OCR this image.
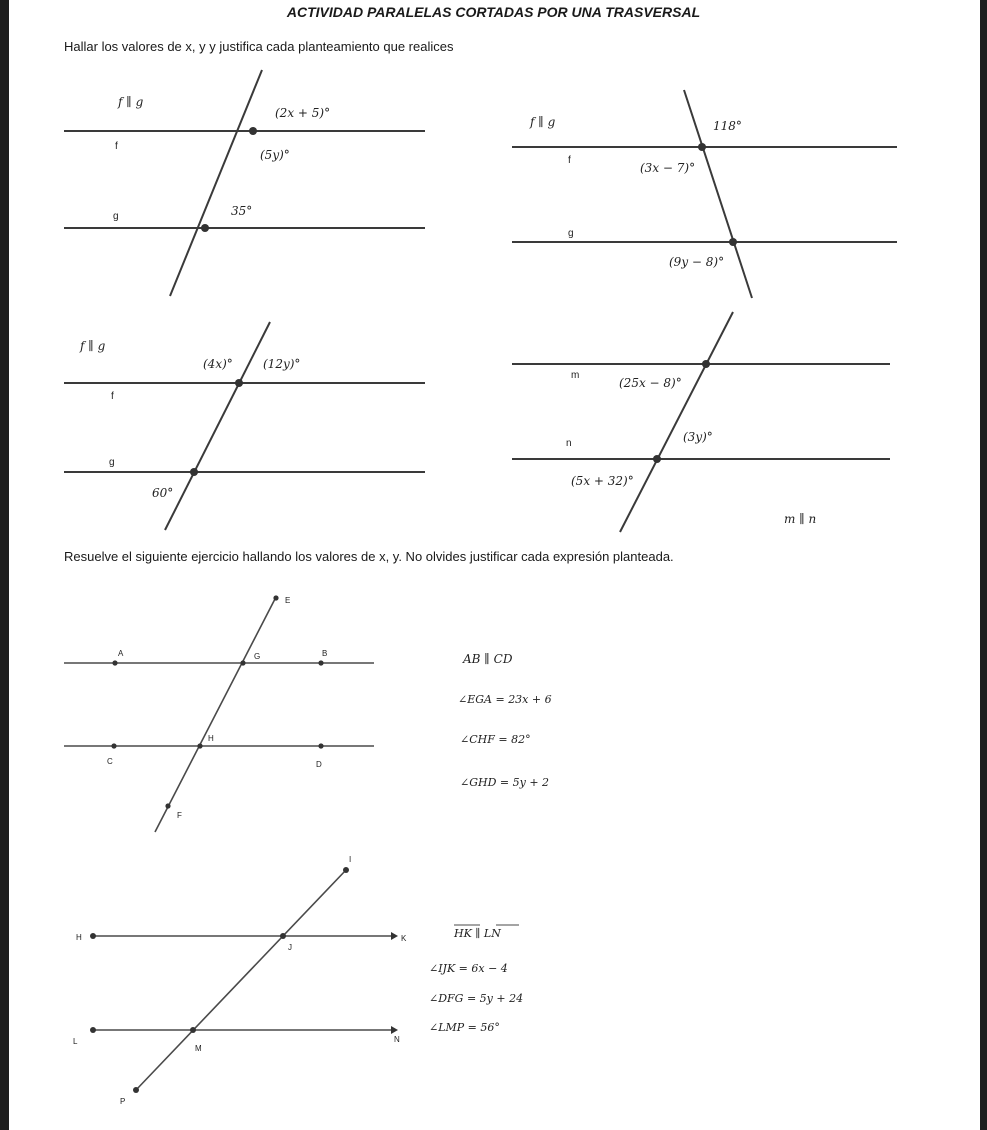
ACTIVIDAD PARALELAS CORTADAS POR UNA TRASVERSAL
Hallar los valores de x, y y justifica cada planteamiento que realices
Resuelve el siguiente ejercicio hallando los valores de x, y. No olvides justificar cada expresión planteada.
f ∥ g
f
g
(2x + 5)°
(5y)°
35°
f ∥ g
f
g
118°
(3x − 7)°
(9y − 8)°
f ∥ g
f
g
(4x)°	(12y)°
60°
m
n
(25x − 8)°
(3y)°
(5x + 32)°
m ∥ n
E
A	G	B
H
C	D
F
AB ∥ CD
∠EGA = 23x + 6
∠CHF = 82°
∠GHD = 5y + 2
I
H
J
K
L
M
N
P
HK ∥ LN
∠IJK = 6x − 4
∠DFG = 5y + 24
∠LMP = 56°
